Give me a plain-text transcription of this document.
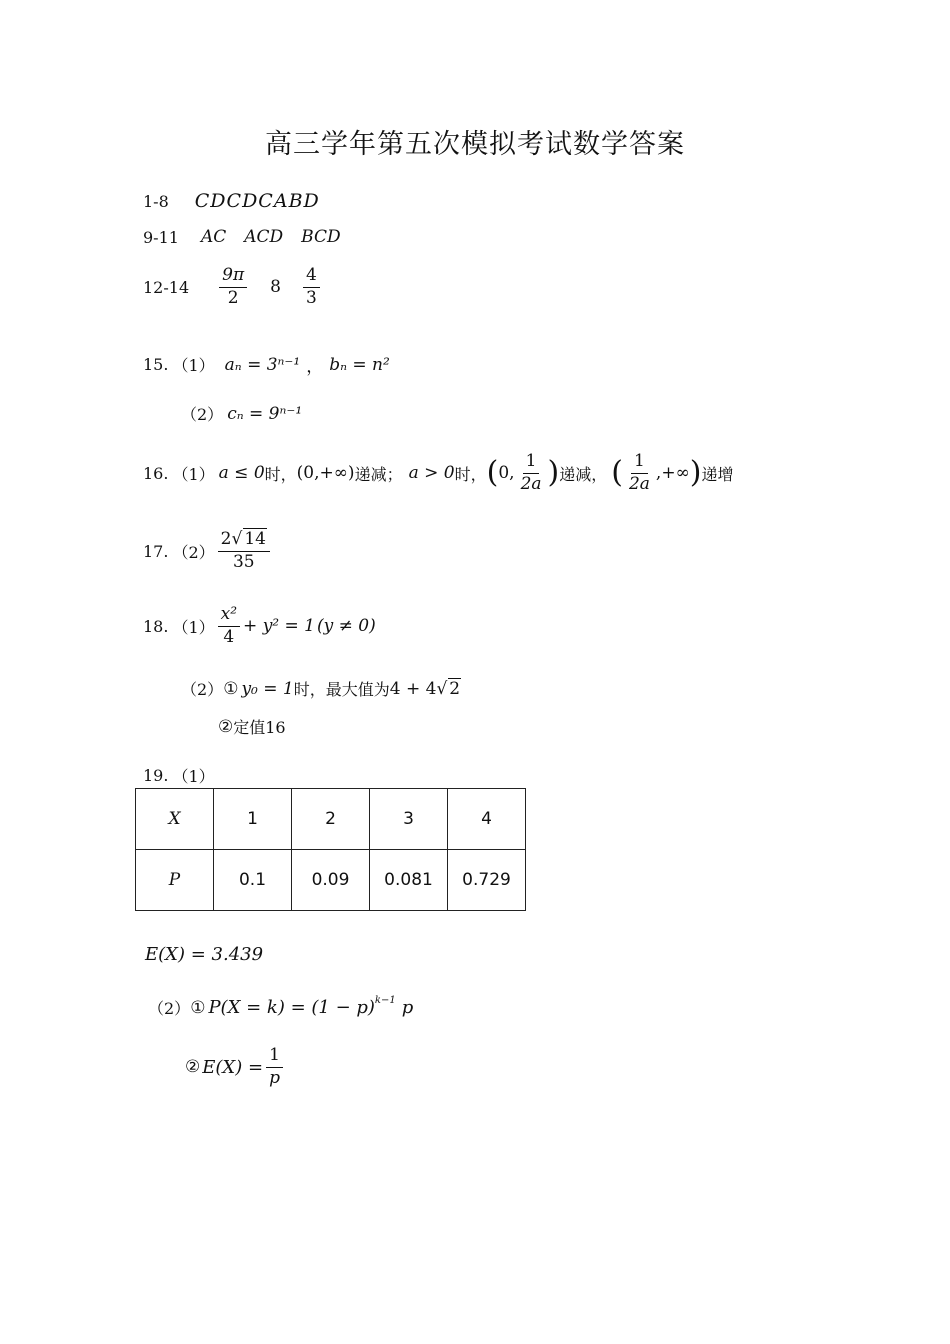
高三学年第五次模拟考试数学答案
1-8 CDCDCABD
9-11 AC ACD BCD
$12-14 \frac{9\pi}{2} 8 \frac{4}{3}$
15. （1） aₙ = 3ⁿ⁻¹ ， bₙ = n²
（2） cₙ = 9ⁿ⁻¹
16. （1） a ≤ 0 时， (0,+∞) 递减； a > 0 时， ( 0, $\frac{1}{2a}$ ) 递减， ( $\frac{1}{2a}$ ,+∞ ) 递增
17. $(2) \frac{2√ 14}{35}$
18. $(1) \frac{\text{x²}}{4} + y^2 = 1$ (y ≠ 0)
（2） ① y₀ = 1 时，最大值为 4 + 4 √ 2
② 定值16
19. （1）
X	1	2	3	4
P	0.1	0.09	0.081	0.729
E(X) = 3.439
（2） ① $P(X = k) = (1 - p)^{k-1}$ p
② $E(X) = \frac{1}{p}$
